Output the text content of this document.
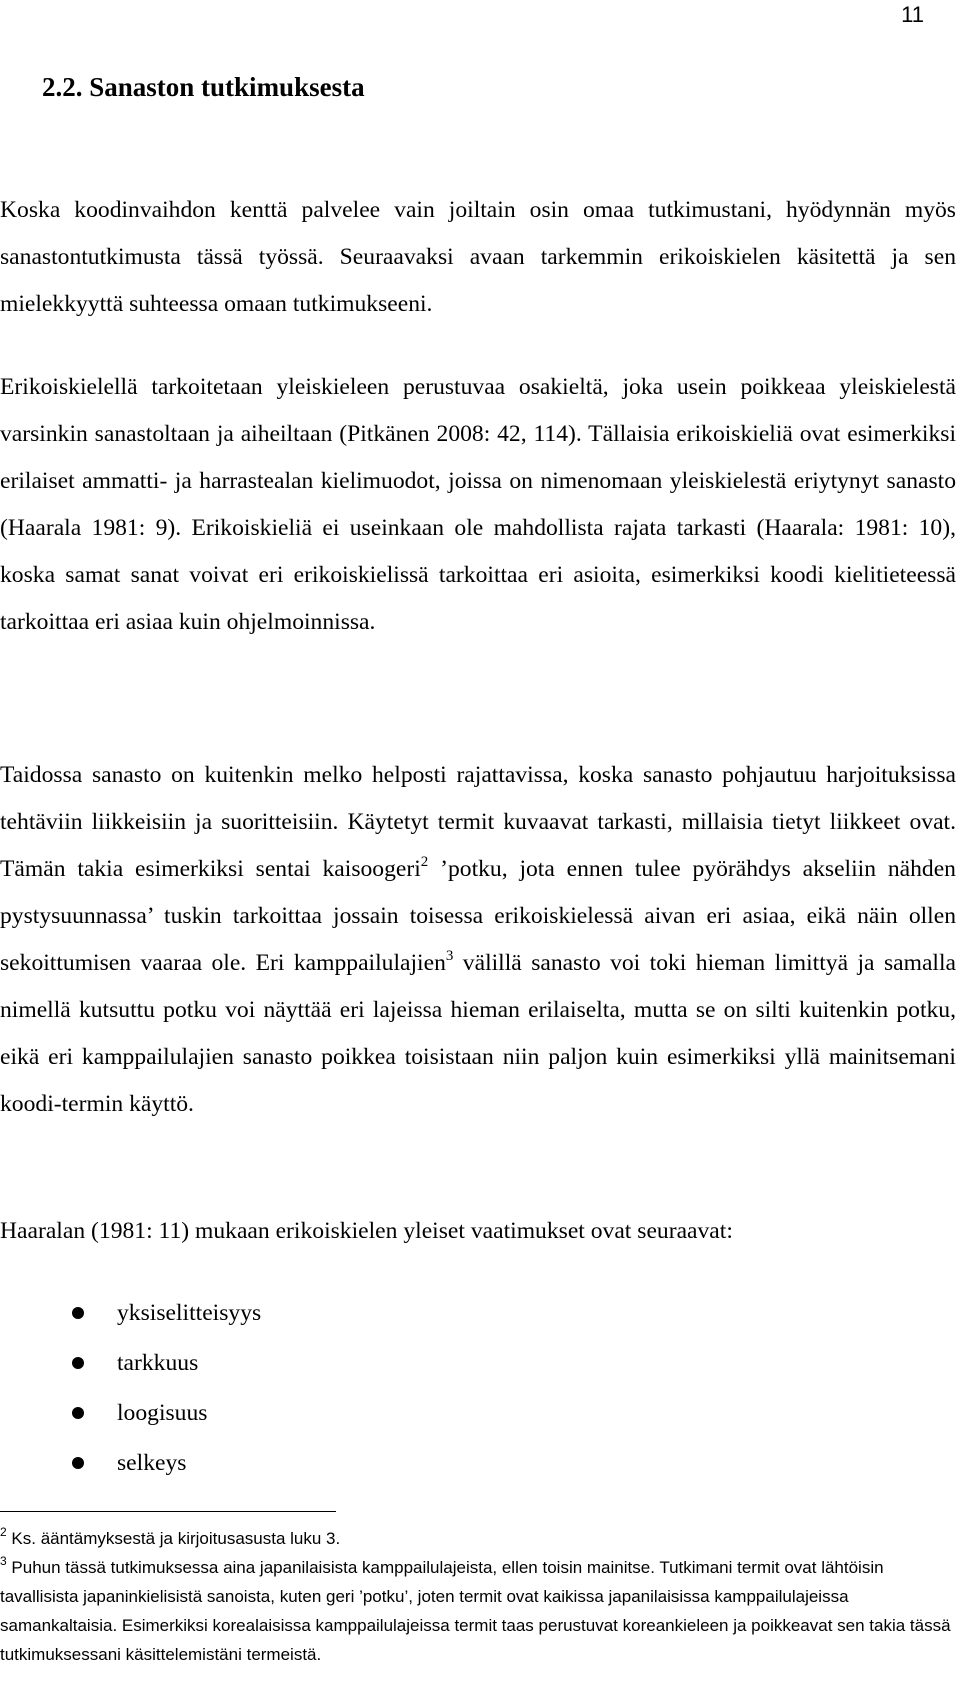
11
2.2. Sanaston tutkimuksesta

Koska koodinvaihdon kenttä palvelee vain joiltain osin omaa tutkimustani, hyödynnän myös sanastontutkimusta tässä työssä. Seuraavaksi avaan tarkemmin erikoiskielen käsitettä ja sen mielekkyyttä suhteessa omaan tutkimukseeni.

Erikoiskielellä tarkoitetaan yleiskieleen perustuvaa osakieltä, joka usein poikkeaa yleiskielestä varsinkin sanastoltaan ja aiheiltaan (Pitkänen 2008: 42, 114). Tällaisia erikoiskieliä ovat esimerkiksi erilaiset ammatti- ja harrastealan kielimuodot, joissa on nimenomaan yleiskielestä eriytynyt sanasto (Haarala 1981: 9). Erikoiskieliä ei useinkaan ole mahdollista rajata tarkasti (Haarala: 1981: 10), koska samat sanat voivat eri erikoiskielissä tarkoittaa eri asioita, esimerkiksi koodi kielitieteessä tarkoittaa eri asiaa kuin ohjelmoinnissa.

Taidossa sanasto on kuitenkin melko helposti rajattavissa, koska sanasto pohjautuu harjoituksissa tehtäviin liikkeisiin ja suoritteisiin. Käytetyt termit kuvaavat tarkasti, millaisia tietyt liikkeet ovat. Tämän takia esimerkiksi sentai kaisoogeri$^2$ ’potku, jota ennen tulee pyörähdys akseliin nähden pystysuunnassa’ tuskin tarkoittaa jossain toisessa erikoiskielessä aivan eri asiaa, eikä näin ollen sekoittumisen vaaraa ole. Eri kamppailulajien$^3$ välillä sanasto voi toki hieman limittyä ja samalla nimellä kutsuttu potku voi näyttää eri lajeissa hieman erilaiselta, mutta se on silti kuitenkin potku, eikä eri kamppailulajien sanasto poikkea toisistaan niin paljon kuin esimerkiksi yllä mainitsemani koodi-termin käyttö.

Haaralan (1981: 11) mukaan erikoiskielen yleiset vaatimukset ovat seuraavat:

yksiselitteisyys
tarkkuus
loogisuus
selkeys

$^2$ Ks. ääntämyksestä ja kirjoitusasusta luku 3.

$^3$ Puhun tässä tutkimuksessa aina japanilaisista kamppailulajeista, ellen toisin mainitse. Tutkimani termit ovat lähtöisin tavallisista japaninkielisistä sanoista, kuten geri ’potku’, joten termit ovat kaikissa japanilaisissa kamppailulajeissa samankaltaisia. Esimerkiksi korealaisissa kamppailulajeissa termit taas perustuvat koreankieleen ja poikkeavat sen takia tässä tutkimuksessani käsittelemistäni termeistä.
